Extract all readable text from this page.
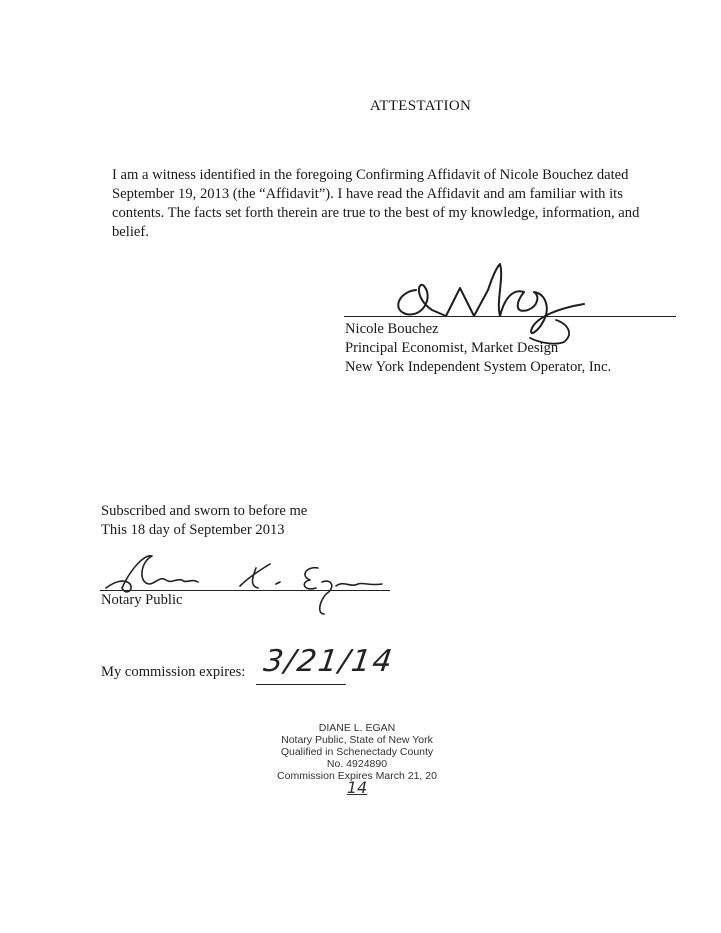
ATTESTATION
I am a witness identified in the foregoing Confirming Affidavit of Nicole Bouchez dated
September 19, 2013 (the “Affidavit”). I have read the Affidavit and am familiar with its
contents. The facts set forth therein are true to the best of my knowledge, information, and
belief.
Nicole Bouchez
Principal Economist, Market Design
New York Independent System Operator, Inc.
Subscribed and sworn to before me
This 18 day of September 2013
Notary Public
My commission expires: 3/21/14
DIANE L. EGAN
Notary Public, State of New York
Qualified in Schenectady County
No. 4924890
Commission Expires March 21, 20
14
